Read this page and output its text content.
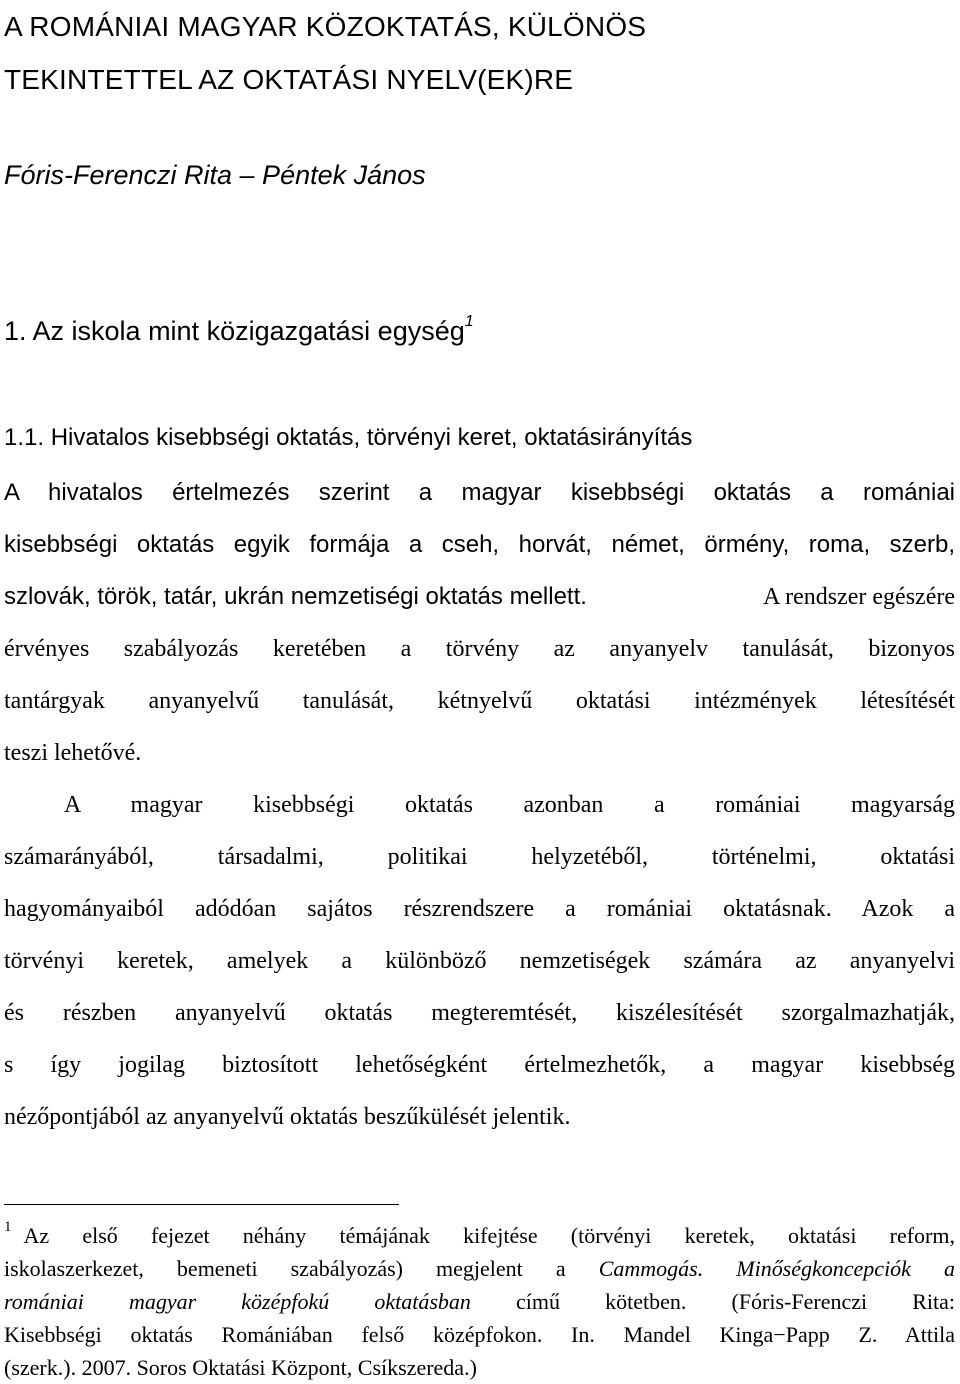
A ROMÁNIAI MAGYAR KÖZOKTATÁS, KÜLÖNÖS
TEKINTETTEL AZ OKTATÁSI NYELV(EK)RE
Fóris-Ferenczi Rita – Péntek János
1. Az iskola mint közigazgatási egység$^1$
1.1. Hivatalos kisebbségi oktatás, törvényi keret, oktatásirányítás
A hivatalos értelmezés szerint a magyar kisebbségi oktatás a romániai
kisebbségi oktatás egyik formája a cseh, horvát, német, örmény, roma, szerb,
szlovák, török, tatár, ukrán nemzetiségi oktatás mellett.	A rendszer egészére
érvényes szabályozás keretében a törvény az anyanyelv tanulását, bizonyos
tantárgyak anyanyelvű tanulását, kétnyelvű oktatási intézmények létesítését
teszi lehetővé.
A magyar kisebbségi oktatás azonban a romániai magyarság
számarányából, társadalmi, politikai helyzetéből, történelmi, oktatási
hagyományaiból adódóan sajátos részrendszere a romániai oktatásnak. Azok a
törvényi keretek, amelyek a különböző nemzetiségek számára az anyanyelvi
és részben anyanyelvű oktatás megteremtését, kiszélesítését szorgalmazhatják,
s így jogilag biztosított lehetőségként értelmezhetők, a magyar kisebbség
nézőpontjából az anyanyelvű oktatás beszűkülését jelentik.
$^1$ Az első fejezet néhány témájának kifejtése (törvényi keretek, oktatási reform,
iskolaszerkezet, bemeneti szabályozás) megjelent a Cammogás. Minőségkoncepciók a
romániai magyar középfokú oktatásban című kötetben. (Fóris-Ferenczi Rita:
Kisebbségi oktatás Romániában felső középfokon. In. Mandel Kinga−Papp Z. Attila
(szerk.). 2007. Soros Oktatási Központ, Csíkszereda.)
